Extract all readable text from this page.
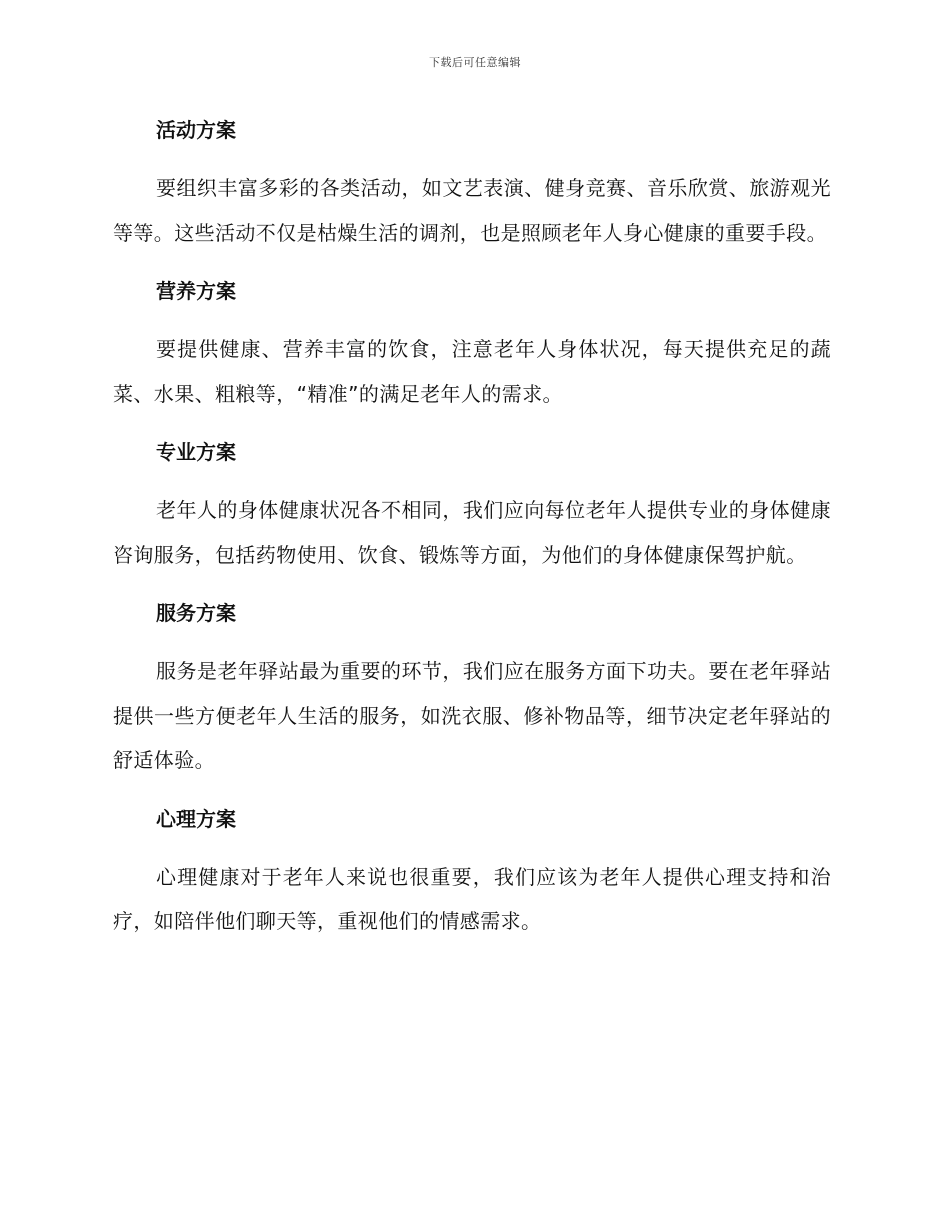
下载后可任意编辑
活动方案

要组织丰富多彩的各类活动，如文艺表演、健身竞赛、音乐欣赏、旅游观光等等。这些活动不仅是枯燥生活的调剂，也是照顾老年人身心健康的重要手段。

营养方案

要提供健康、营养丰富的饮食，注意老年人身体状况，每天提供充足的蔬菜、水果、粗粮等，“精准”的满足老年人的需求。

专业方案

老年人的身体健康状况各不相同，我们应向每位老年人提供专业的身体健康咨询服务，包括药物使用、饮食、锻炼等方面，为他们的身体健康保驾护航。

服务方案

服务是老年驿站最为重要的环节，我们应在服务方面下功夫。要在老年驿站提供一些方便老年人生活的服务，如洗衣服、修补物品等，细节决定老年驿站的舒适体验。

心理方案

心理健康对于老年人来说也很重要，我们应该为老年人提供心理支持和治疗，如陪伴他们聊天等，重视他们的情感需求。
